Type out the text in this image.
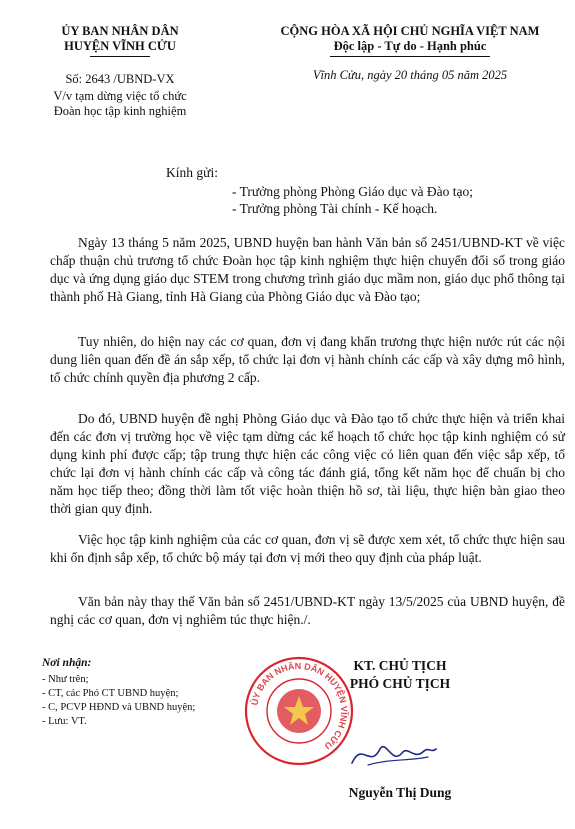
ỦY BAN NHÂN DÂN
HUYỆN VĨNH CỬU
Số: 2643 /UBND-VX
V/v tạm dừng việc tổ chức
Đoàn học tập kinh nghiệm
CỘNG HÒA XÃ HỘI CHỦ NGHĨA VIỆT NAM
Độc lập - Tự do - Hạnh phúc
Vĩnh Cửu, ngày 20 tháng 05 năm 2025
Kính gửi:
- Trưởng phòng Phòng Giáo dục và Đào tạo;
- Trưởng phòng Tài chính - Kế hoạch.

Ngày 13 tháng 5 năm 2025, UBND huyện ban hành Văn bản số 2451/UBND-KT về việc chấp thuận chủ trương tổ chức Đoàn học tập kinh nghiệm thực hiện chuyển đổi số trong giáo dục và ứng dụng giáo dục STEM trong chương trình giáo dục mầm non, giáo dục phổ thông tại thành phố Hà Giang, tỉnh Hà Giang của Phòng Giáo dục và Đào tạo;

Tuy nhiên, do hiện nay các cơ quan, đơn vị đang khẩn trương thực hiện nước rút các nội dung liên quan đến đề án sắp xếp, tổ chức lại đơn vị hành chính các cấp và xây dựng mô hình, tổ chức chính quyền địa phương 2 cấp.

Do đó, UBND huyện đề nghị Phòng Giáo dục và Đào tạo tổ chức thực hiện và triển khai đến các đơn vị trường học về việc tạm dừng các kế hoạch tổ chức học tập kinh nghiệm có sử dụng kinh phí được cấp; tập trung thực hiện các công việc có liên quan đến việc sắp xếp, tổ chức lại đơn vị hành chính các cấp và công tác đánh giá, tổng kết năm học để chuẩn bị cho năm học tiếp theo; đồng thời làm tốt việc hoàn thiện hồ sơ, tài liệu, thực hiện bàn giao theo thời gian quy định.

Việc học tập kinh nghiệm của các cơ quan, đơn vị sẽ được xem xét, tổ chức thực hiện sau khi ổn định sắp xếp, tổ chức bộ máy tại đơn vị mới theo quy định của pháp luật.

Văn bản này thay thế Văn bản số 2451/UBND-KT ngày 13/5/2025 của UBND huyện, đề nghị các cơ quan, đơn vị nghiêm túc thực hiện./.

Nơi nhận:
- Như trên;
- CT, các Phó CT UBND huyện;
- C, PCVP HĐND và UBND huyện;
- Lưu: VT.
ỦY BAN NHÂN DÂN HUYỆN VĨNH CỬU
KT. CHỦ TỊCH
PHÓ CHỦ TỊCH
Nguyễn Thị Dung
